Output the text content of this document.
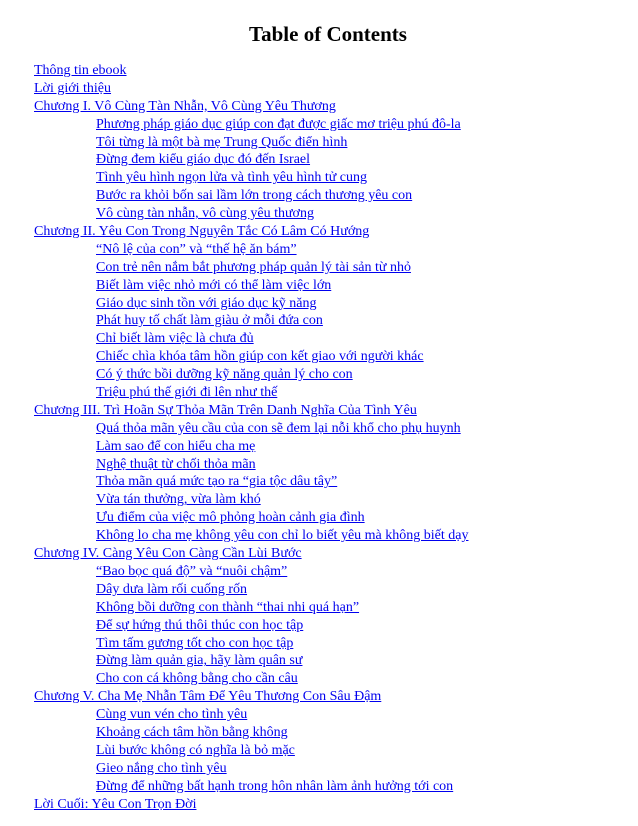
Table of Contents
Thông tin ebook
Lời giới thiệu
Chương I. Vô Cùng Tàn Nhẫn, Vô Cùng Yêu Thương
Phương pháp giáo dục giúp con đạt được giấc mơ triệu phú đô-la
Tôi từng là một bà mẹ Trung Quốc điển hình
Đừng đem kiểu giáo dục đó đến Israel
Tình yêu hình ngọn lửa và tình yêu hình tử cung
Bước ra khỏi bốn sai lầm lớn trong cách thương yêu con
Vô cùng tàn nhẫn, vô cùng yêu thương
Chương II. Yêu Con Trong Nguyên Tắc Có Lâm Có Hướng
“Nô lệ của con” và “thế hệ ăn bám”
Con trẻ nên nắm bắt phương pháp quản lý tài sản từ nhỏ
Biết làm việc nhỏ mới có thể làm việc lớn
Giáo dục sinh tồn với giáo dục kỹ năng
Phát huy tố chất làm giàu ở mỗi đứa con
Chỉ biết làm việc là chưa đủ
Chiếc chìa khóa tâm hồn giúp con kết giao với người khác
Có ý thức bồi dưỡng kỹ năng quản lý cho con
Triệu phú thế giới đi lên như thế
Chương III. Trì Hoãn Sự Thỏa Mãn Trên Danh Nghĩa Của Tình Yêu
Quá thỏa mãn yêu cầu của con sẽ đem lại nỗi khổ cho phụ huynh
Làm sao để con hiểu cha mẹ
Nghệ thuật từ chối thỏa mãn
Thỏa mãn quá mức tạo ra “gia tộc dâu tây”
Vừa tán thưởng, vừa làm khó
Ưu điểm của việc mô phỏng hoàn cảnh gia đình
Không lo cha mẹ không yêu con chỉ lo biết yêu mà không biết dạy
Chương IV. Càng Yêu Con Càng Cần Lùi Bước
“Bao bọc quá độ” và “nuôi chậm”
Dây dưa làm rối cuống rốn
Không bồi dưỡng con thành “thai nhi quá hạn”
Để sự hứng thú thôi thúc con học tập
Tìm tấm gương tốt cho con học tập
Đừng làm quản gia, hãy làm quân sư
Cho con cá không bằng cho cần câu
Chương V. Cha Mẹ Nhẫn Tâm Để Yêu Thương Con Sâu Đậm
Cùng vun vén cho tình yêu
Khoảng cách tâm hồn bằng không
Lùi bước không có nghĩa là bỏ mặc
Gieo nắng cho tình yêu
Đừng để những bất hạnh trong hôn nhân làm ảnh hưởng tới con
Lời Cuối: Yêu Con Trọn Đời
